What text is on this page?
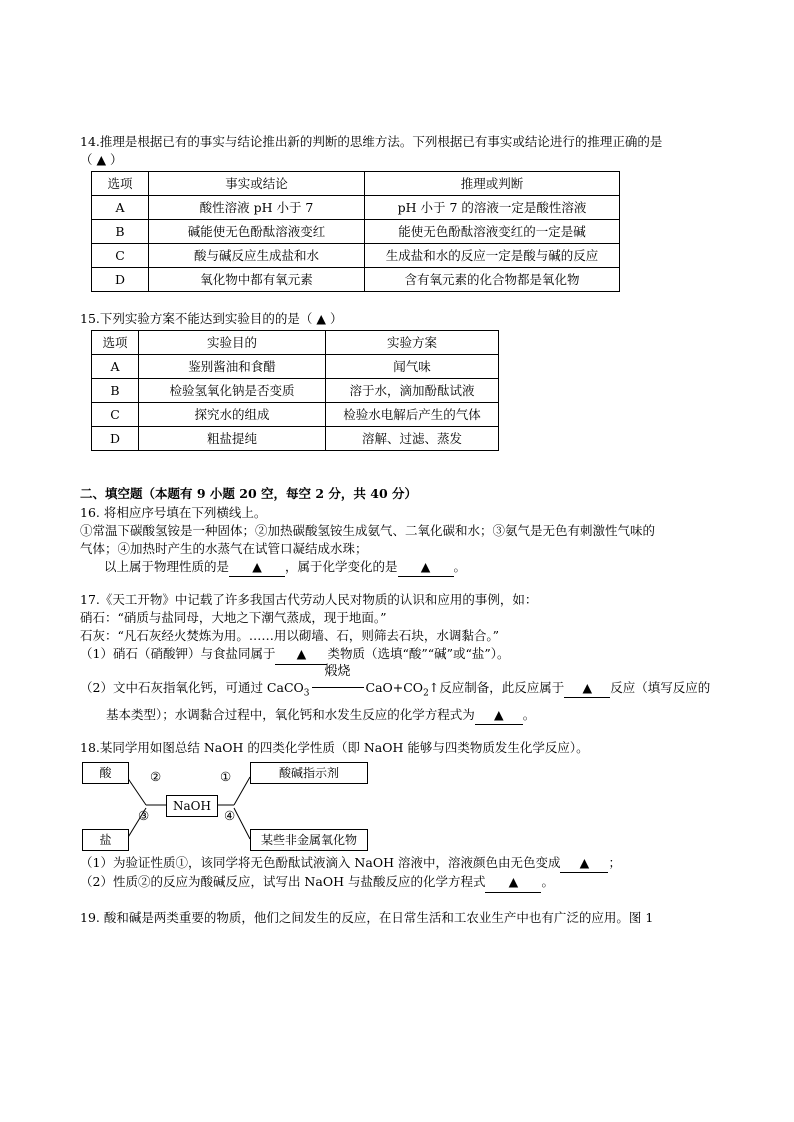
14.推理是根据已有的事实与结论推出新的判断的思维方法。下列根据已有事实或结论进行的推理正确的是
（ ▲ ）
选项	事实或结论	推理或判断
A	酸性溶液 pH 小于 7	pH 小于 7 的溶液一定是酸性溶液
B	碱能使无色酚酞溶液变红	能使无色酚酞溶液变红的一定是碱
C	酸与碱反应生成盐和水	生成盐和水的反应一定是酸与碱的反应
D	氧化物中都有氧元素	含有氧元素的化合物都是氧化物
15.下列实验方案不能达到实验目的的是（ ▲ ）
选项	实验目的	实验方案
A	鉴别酱油和食醋	闻气味
B	检验氢氧化钠是否变质	溶于水，滴加酚酞试液
C	探究水的组成	检验水电解后产生的气体
D	粗盐提纯	溶解、过滤、蒸发
二、填空题（本题有 9 小题 20 空，每空 2 分，共 40 分）
16. 将相应序号填在下列横线上。
①常温下碳酸氢铵是一种固体；②加热碳酸氢铵生成氨气、二氧化碳和水；③氨气是无色有刺激性气味的
气体；④加热时产生的水蒸气在试管口凝结成水珠；
以上属于物理性质的是 ▲ ，属于化学变化的是 ▲ 。
17.《天工开物》中记载了许多我国古代劳动人民对物质的认识和应用的事例，如：
硝石：“硝质与盐同母，大地之下潮气蒸成，现于地面。”
石灰：“凡石灰经火焚炼为用。……用以砌墙、石，则筛去石块，水调黏合。”
（1）硝石（硝酸钾）与食盐同属于 ▲ 类物质（选填“酸”“碱”或“盐”）。
（2）文中石灰指氧化钙，可通过 CaCO$_3$
煅烧
$CaO+CO_2↑$反应制备，此反应属于 ▲ 反应（填写反应的
基本类型）；水调黏合过程中，氧化钙和水发生反应的化学方程式为 ▲ 。
18.某同学用如图总结 NaOH 的四类化学性质（即 NaOH 能够与四类物质发生化学反应）。
酸	酸碱指示剂
NaOH
盐	某些非金属氧化物
②	①
③	④
（1）为验证性质①，该同学将无色酚酞试液滴入 NaOH 溶液中，溶液颜色由无色变成 ▲ ；
（2）性质②的反应为酸碱反应，试写出 NaOH 与盐酸反应的化学方程式 ▲ 。
19. 酸和碱是两类重要的物质，他们之间发生的反应，在日常生活和工农业生产中也有广泛的应用。图 1
